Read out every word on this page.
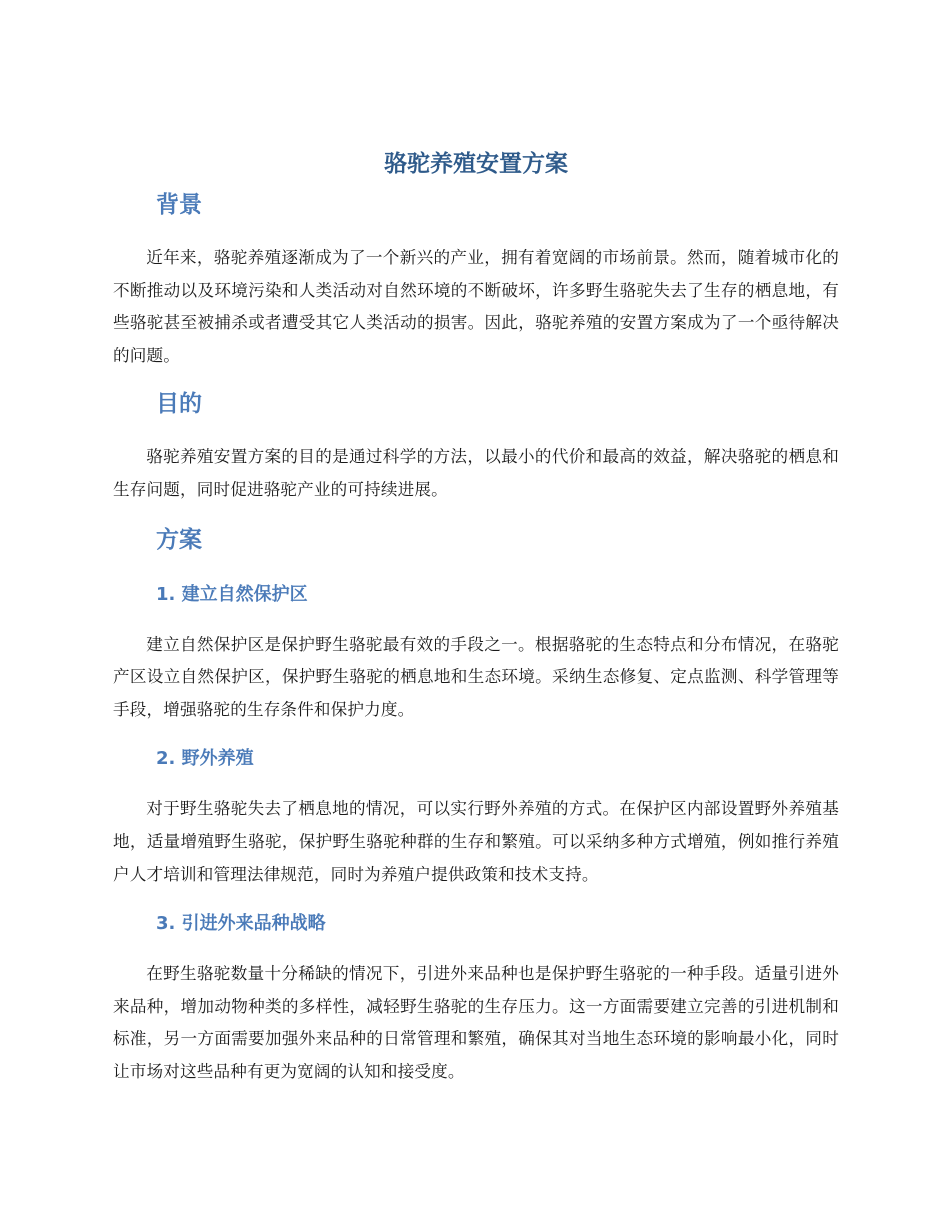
骆驼养殖安置方案
背景

近年来，骆驼养殖逐渐成为了一个新兴的产业，拥有着宽阔的市场前景。然而，随着城市化的不断推动以及环境污染和人类活动对自然环境的不断破坏，许多野生骆驼失去了生存的栖息地，有些骆驼甚至被捕杀或者遭受其它人类活动的损害。因此，骆驼养殖的安置方案成为了一个亟待解决的问题。

目的

骆驼养殖安置方案的目的是通过科学的方法，以最小的代价和最高的效益，解决骆驼的栖息和生存问题，同时促进骆驼产业的可持续进展。

方案
1. 建立自然保护区

建立自然保护区是保护野生骆驼最有效的手段之一。根据骆驼的生态特点和分布情况，在骆驼产区设立自然保护区，保护野生骆驼的栖息地和生态环境。采纳生态修复、定点监测、科学管理等手段，增强骆驼的生存条件和保护力度。

2. 野外养殖

对于野生骆驼失去了栖息地的情况，可以实行野外养殖的方式。在保护区内部设置野外养殖基地，适量增殖野生骆驼，保护野生骆驼种群的生存和繁殖。可以采纳多种方式增殖，例如推行养殖户人才培训和管理法律规范，同时为养殖户提供政策和技术支持。

3. 引进外来品种战略

在野生骆驼数量十分稀缺的情况下，引进外来品种也是保护野生骆驼的一种手段。适量引进外来品种，增加动物种类的多样性，减轻野生骆驼的生存压力。这一方面需要建立完善的引进机制和标准，另一方面需要加强外来品种的日常管理和繁殖，确保其对当地生态环境的影响最小化，同时让市场对这些品种有更为宽阔的认知和接受度。
